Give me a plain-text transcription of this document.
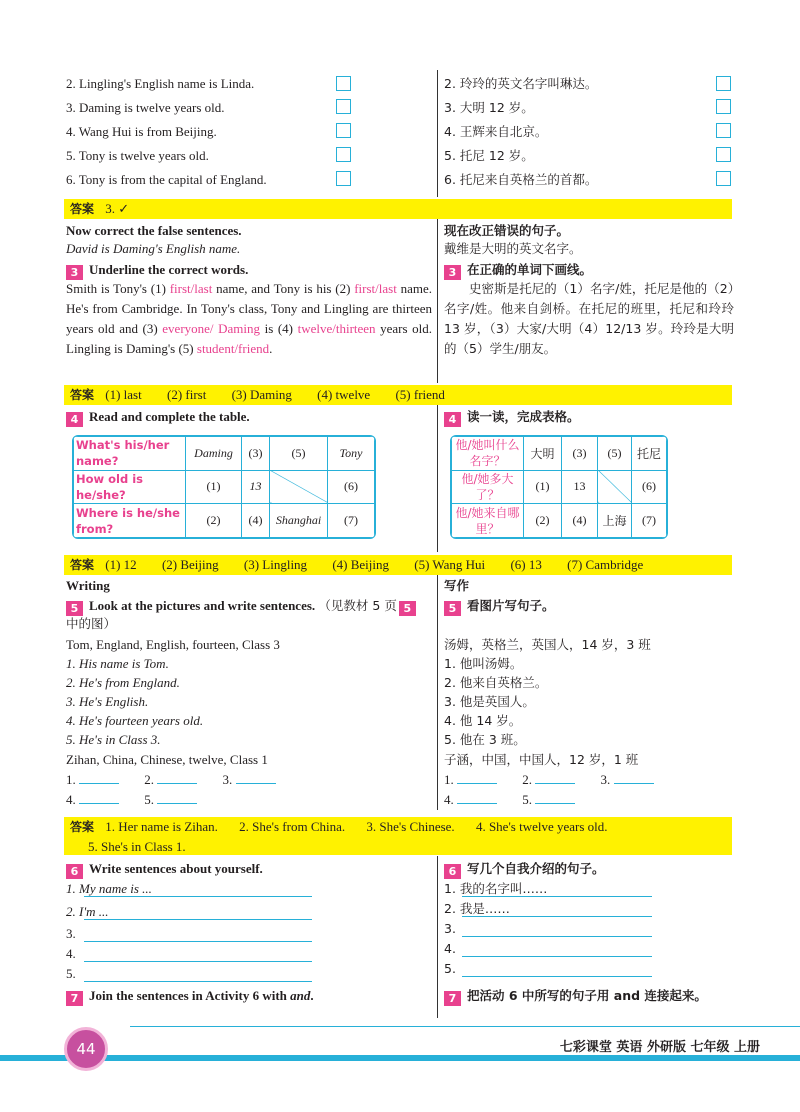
2. Lingling's English name is Linda.
3. Daming is twelve years old.
4. Wang Hui is from Beijing.
5. Tony is twelve years old.
6. Tony is from the capital of England.
2. 玲玲的英文名字叫琳达。
3. 大明 12 岁。
4. 王辉来自北京。
5. 托尼 12 岁。
6. 托尼来自英格兰的首都。
答案 3. ✓
Now correct the false sentences.
David is Daming's English name.
现在改正错误的句子。
戴维是大明的英文名字。
3 Underline the correct words.	3 在正确的单词下画线。
Smith is Tony's (1) first/last name, and Tony is his (2) first/last name. He's from Cambridge. In Tony's class, Tony and Lingling are thirteen years old and (3) everyone/ Daming is (4) twelve/thirteen years old. Lingling is Daming's (5) student/friend.
史密斯是托尼的（1）名字/姓，托尼是他的（2）名字/姓。他来自剑桥。在托尼的班里，托尼和玲玲 13 岁，（3）大家/大明（4）12/13 岁。玲玲是大明的（5）学生/朋友。
答案 (1) last (2) first (3) Daming (4) twelve (5) friend
4 Read and complete the table.	4 读一读，完成表格。
What's his/her name?	Daming	(3)	(5)	Tony
How old is he/she?	(1)	13		(6)
Where is he/she from?	(2)	(4)	Shanghai	(7)
他/她叫什么名字？	大明	(3)	(5)	托尼
他/她多大了？	(1)	13		(6)
他/她来自哪里？	(2)	(4)	上海	(7)
答案 (1) 12 (2) Beijing (3) Lingling (4) Beijing (5) Wang Hui (6) 13 (7) Cambridge
Writing	写作
5 Look at the pictures and write sentences. （见教材 5 页 5
中的图）
5 看图片写句子。
Tom, England, English, fourteen, Class 3	汤姆，英格兰，英国人，14 岁，3 班
1. His name is Tom.
2. He's from England.
3. He's English.
4. He's fourteen years old.
5. He's in Class 3.
1. 他叫汤姆。
2. 他来自英格兰。
3. 他是英国人。
4. 他 14 岁。
5. 他在 3 班。
Zihan, China, Chinese, twelve, Class 1	子涵，中国，中国人，12 岁，1 班
1.	2.	3.
4.	5.
1.	2.	3.
4.	5.
答案 1. Her name is Zihan. 2. She's from China. 3. She's Chinese. 4. She's twelve years old.
5. She's in Class 1.
6 Write sentences about yourself.	6 写几个自我介绍的句子。
1. My name is ...
2. I'm ...
3.
4.
5.
1. 我的名字叫……
2. 我是……
3.
4.
5.
7 Join the sentences in Activity 6 with and.	7 把活动 6 中所写的句子用 and 连接起来。
44	七彩课堂 英语 外研版 七年级 上册
